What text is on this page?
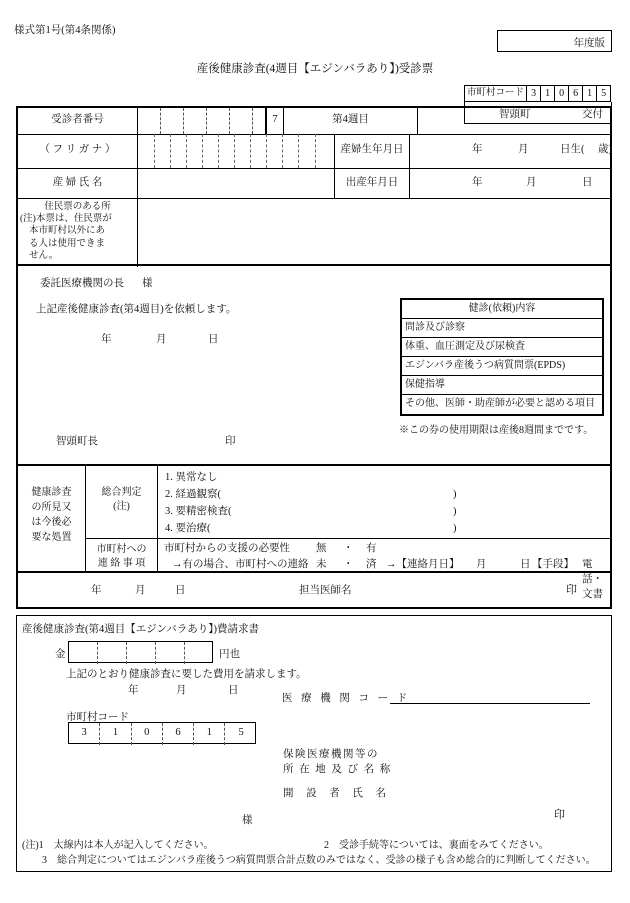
様式第1号(第4条関係)
年度版
産後健康診査(4週目【エジンバラあり】)受診票
市町村コード 3 1 0 6 1 5
智頭町	交付
受診者番号	7	第4週目
（ フ リ ガ ナ ）	産婦生年月日	年	月	日生( 歳)
産 婦 氏 名	出産年月日	年	月	日
住民票のある所
(注)本票は、住民票が
本市町村以外にあ
る人は使用できま
せん。
委託医療機関の長 様
上記産後健康診査(第4週目)を依頼します。
年	月	日
智頭町長	印
健診(依頼)内容
問診及び診察
体重、血圧測定及び尿検査
エジンバラ産後うつ病質問票(EPDS)
保健指導
その他、医師・助産師が必要と認める項目
※この券の使用期限は産後8週間までです。
健康診査
の所見又
は今後必
要な処置
総合判定
(注)
1. 異常なし
2. 経過観察(	)
3. 要精密検査(	)
4. 要治療(	)
市町村への
連 絡 事 項
市町村からの支援の必要性 無 ・ 有
→有の場合、市町村への連絡 未 ・ 済 →【連絡月日】 月	日 【手段】 電話・文書
年	月	日	担当医師名	印
産後健康診査(第4週目【エジンバラあり】)費請求書
金	円也
上記のとおり健康診査に要した費用を請求します。
年	月	日
医 療 機 関 コ ー ド
市町村コード
3	1	0	6	1	5
保険医療機関等の
所 在 地 及 び 名 称
開 設 者 氏 名
印
様
(注)1　太線内は本人が記入してください。	2　受診手続等については、裏面をみてください。
3　総合判定についてはエジンバラ産後うつ病質問票合計点数のみではなく、受診の様子も含め総合的に判断してください。
